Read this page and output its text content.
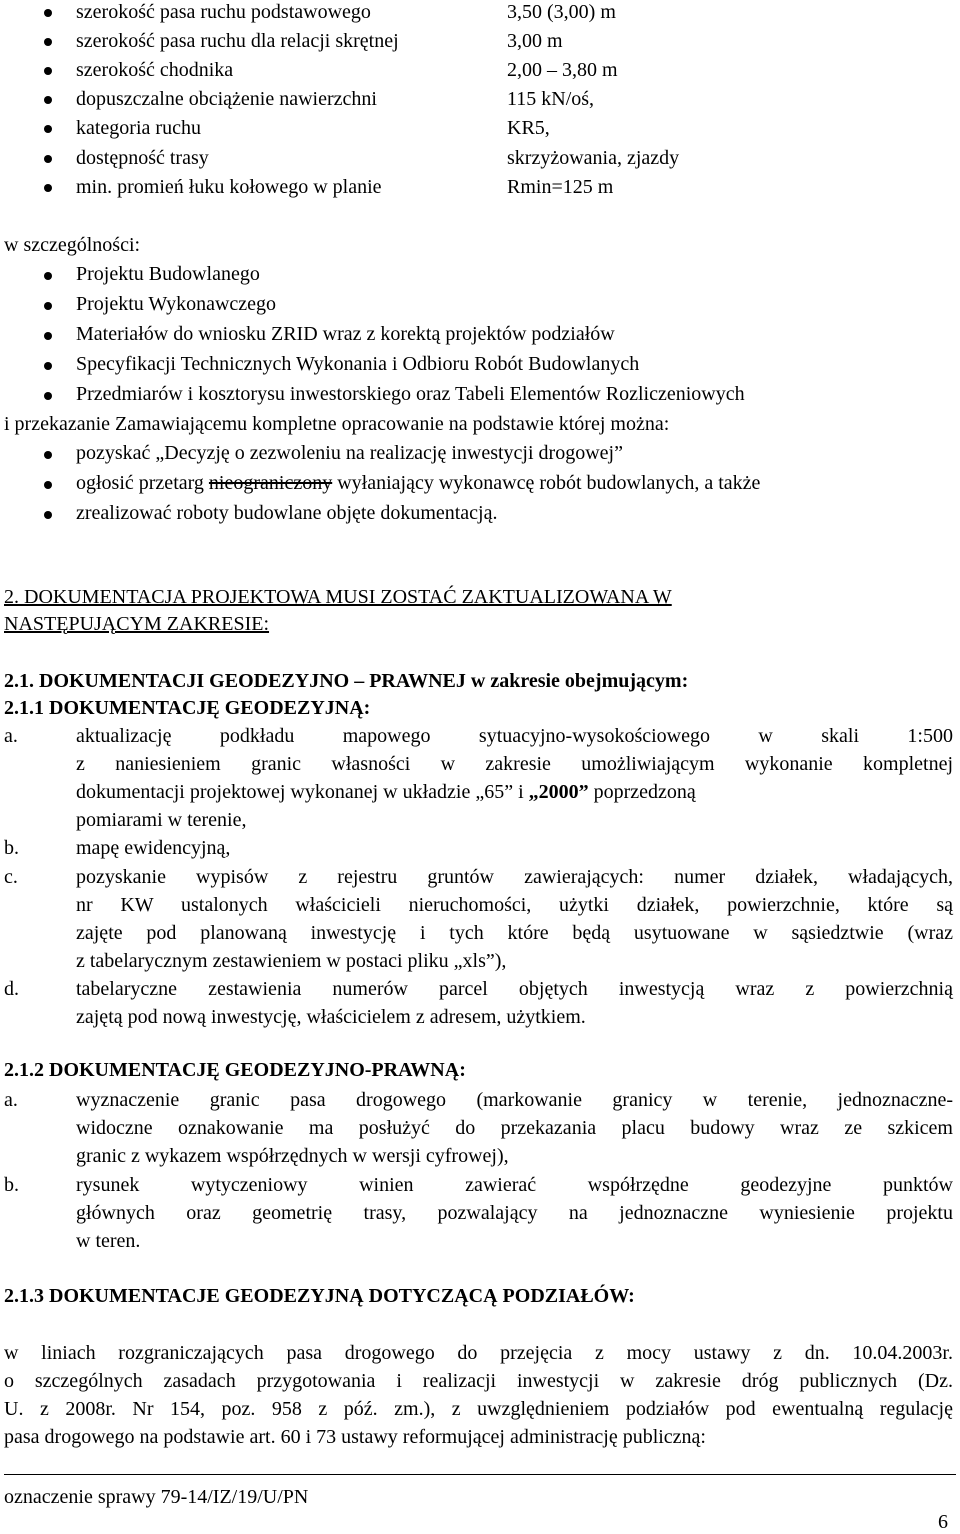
szerokość pasa ruchu podstawowego	3,50 (3,00) m
szerokość pasa ruchu dla relacji skrętnej	3,00 m
szerokość chodnika	2,00 – 3,80 m
dopuszczalne obciążenie nawierzchni	115 kN/oś,
kategoria ruchu	KR5,
dostępność trasy	skrzyżowania, zjazdy
min. promień łuku kołowego w planie	Rmin=125 m
w szczególności:
Projektu Budowlanego
Projektu Wykonawczego
Materiałów do wniosku ZRID wraz z korektą projektów podziałów
Specyfikacji Technicznych Wykonania i Odbioru Robót Budowlanych
Przedmiarów i kosztorysu inwestorskiego oraz Tabeli Elementów Rozliczeniowych
i przekazanie Zamawiającemu kompletne opracowanie na podstawie której można:
pozyskać „Decyzję o zezwoleniu na realizację inwestycji drogowej”
ogłosić przetarg nieograniczony wyłaniający wykonawcę robót budowlanych, a także
zrealizować roboty budowlane objęte dokumentacją.
2. DOKUMENTACJA PROJEKTOWA MUSI ZOSTAĆ ZAKTUALIZOWANA W
NASTĘPUJĄCYM ZAKRESIE:
2.1. DOKUMENTACJI GEODEZYJNO – PRAWNEJ w zakresie obejmującym:
2.1.1 DOKUMENTACJĘ GEODEZYJNĄ:
a.	aktualizację podkładu mapowego sytuacyjno-wysokościowego w skali 1:500
z naniesieniem granic własności w zakresie umożliwiającym wykonanie kompletnej
dokumentacji projektowej wykonanej w układzie „65” i „2000” poprzedzoną
pomiarami w terenie,
b.	mapę ewidencyjną,
c.	pozyskanie wypisów z rejestru gruntów zawierających: numer działek, władających,
nr KW ustalonych właścicieli nieruchomości, użytki działek, powierzchnie, które są
zajęte pod planowaną inwestycję i tych które będą usytuowane w sąsiedztwie (wraz
z tabelarycznym zestawieniem w postaci pliku „xls”),
d.	tabelaryczne zestawienia numerów parcel objętych inwestycją wraz z powierzchnią
zajętą pod nową inwestycję, właścicielem z adresem, użytkiem.
2.1.2 DOKUMENTACJĘ GEODEZYJNO-PRAWNĄ:
a.	wyznaczenie granic pasa drogowego (markowanie granicy w terenie, jednoznaczne-
widoczne oznakowanie ma posłużyć do przekazania placu budowy wraz ze szkicem
granic z wykazem współrzędnych w wersji cyfrowej),
b.	rysunek wytyczeniowy winien zawierać współrzędne geodezyjne punktów
głównych oraz geometrię trasy, pozwalający na jednoznaczne wyniesienie projektu
w teren.
2.1.3 DOKUMENTACJE GEODEZYJNĄ DOTYCZĄCĄ PODZIAŁÓW:
w liniach rozgraniczających pasa drogowego do przejęcia z mocy ustawy z dn. 10.04.2003r.
o szczególnych zasadach przygotowania i realizacji inwestycji w zakresie dróg publicznych (Dz.
U. z 2008r. Nr 154, poz. 958 z póź. zm.), z uwzględnieniem podziałów pod ewentualną regulację
pasa drogowego na podstawie art. 60 i 73 ustawy reformującej administrację publiczną:
oznaczenie sprawy 79-14/IZ/19/U/PN
6
